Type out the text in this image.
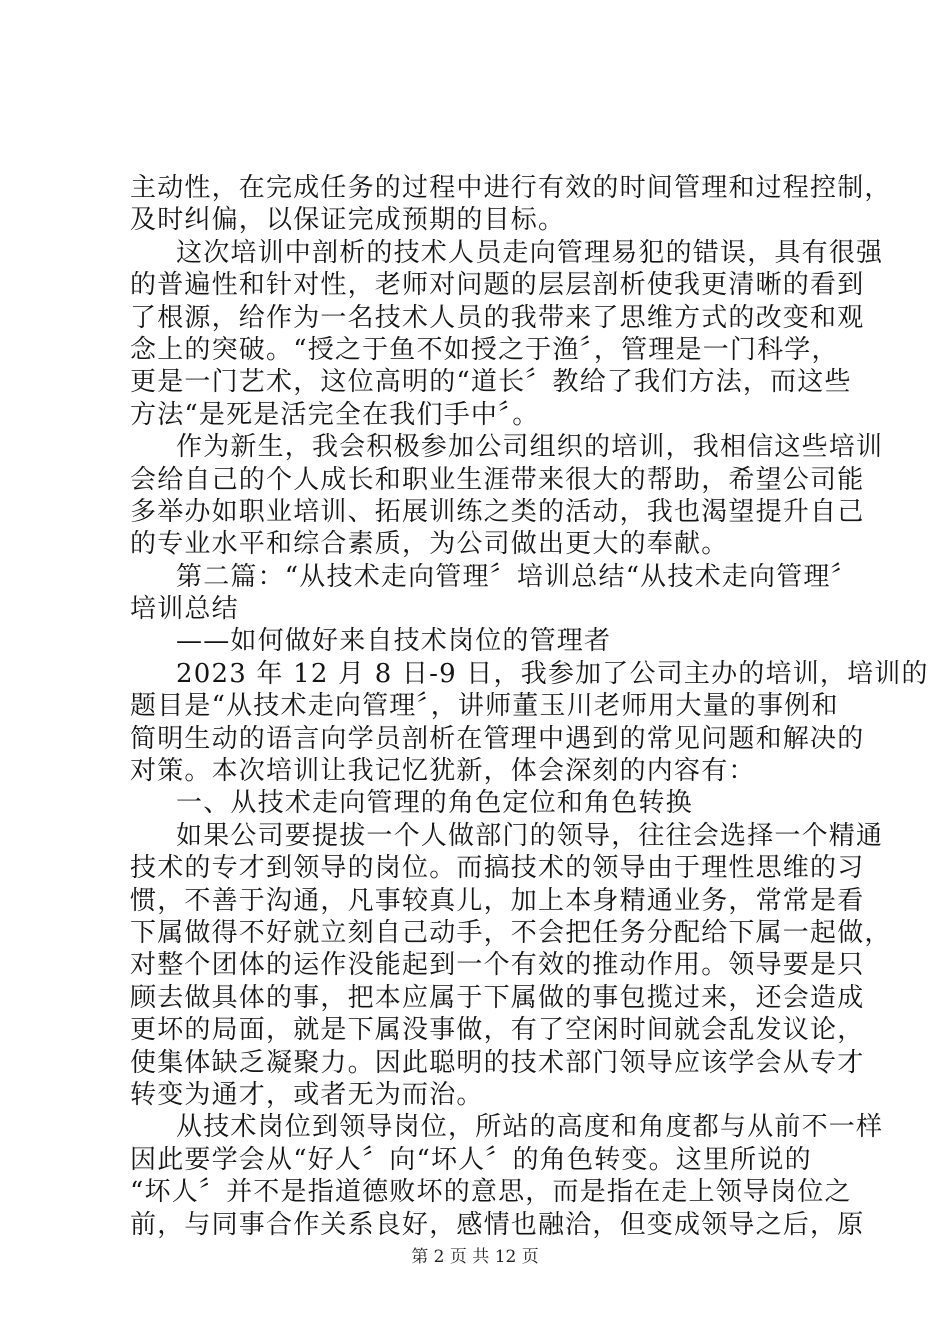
主动性，在完成任务的过程中进行有效的时间管理和过程控制，
及时纠偏，以保证完成预期的目标。
这次培训中剖析的技术人员走向管理易犯的错误，具有很强
的普遍性和针对性，老师对问题的层层剖析使我更清晰的看到
了根源，给作为一名技术人员的我带来了思维方式的改变和观
念上的突破。“授之于鱼不如授之于渔〞，管理是一门科学，
更是一门艺术，这位高明的“道长〞教给了我们方法，而这些
方法“是死是活完全在我们手中〞。
作为新生，我会积极参加公司组织的培训，我相信这些培训
会给自己的个人成长和职业生涯带来很大的帮助，希望公司能
多举办如职业培训、拓展训练之类的活动，我也渴望提升自己
的专业水平和综合素质，为公司做出更大的奉献。
第二篇：“从技术走向管理〞培训总结“从技术走向管理〞
培训总结
——如何做好来自技术岗位的管理者
2023 年 12 月 8 日-9 日，我参加了公司主办的培训，培训的
题目是“从技术走向管理〞，讲师董玉川老师用大量的事例和
简明生动的语言向学员剖析在管理中遇到的常见问题和解决的
对策。本次培训让我记忆犹新，体会深刻的内容有：
一、从技术走向管理的角色定位和角色转换
如果公司要提拔一个人做部门的领导，往往会选择一个精通
技术的专才到领导的岗位。而搞技术的领导由于理性思维的习
惯，不善于沟通，凡事较真儿，加上本身精通业务，常常是看
下属做得不好就立刻自己动手，不会把任务分配给下属一起做，
对整个团体的运作没能起到一个有效的推动作用。领导要是只
顾去做具体的事，把本应属于下属做的事包揽过来，还会造成
更坏的局面，就是下属没事做，有了空闲时间就会乱发议论，
使集体缺乏凝聚力。因此聪明的技术部门领导应该学会从专才
转变为通才，或者无为而治。
从技术岗位到领导岗位，所站的高度和角度都与从前不一样
因此要学会从“好人〞向“坏人〞的角色转变。这里所说的
“坏人〞并不是指道德败坏的意思，而是指在走上领导岗位之
前，与同事合作关系良好，感情也融洽，但变成领导之后，原
第 2 页 共 12 页
